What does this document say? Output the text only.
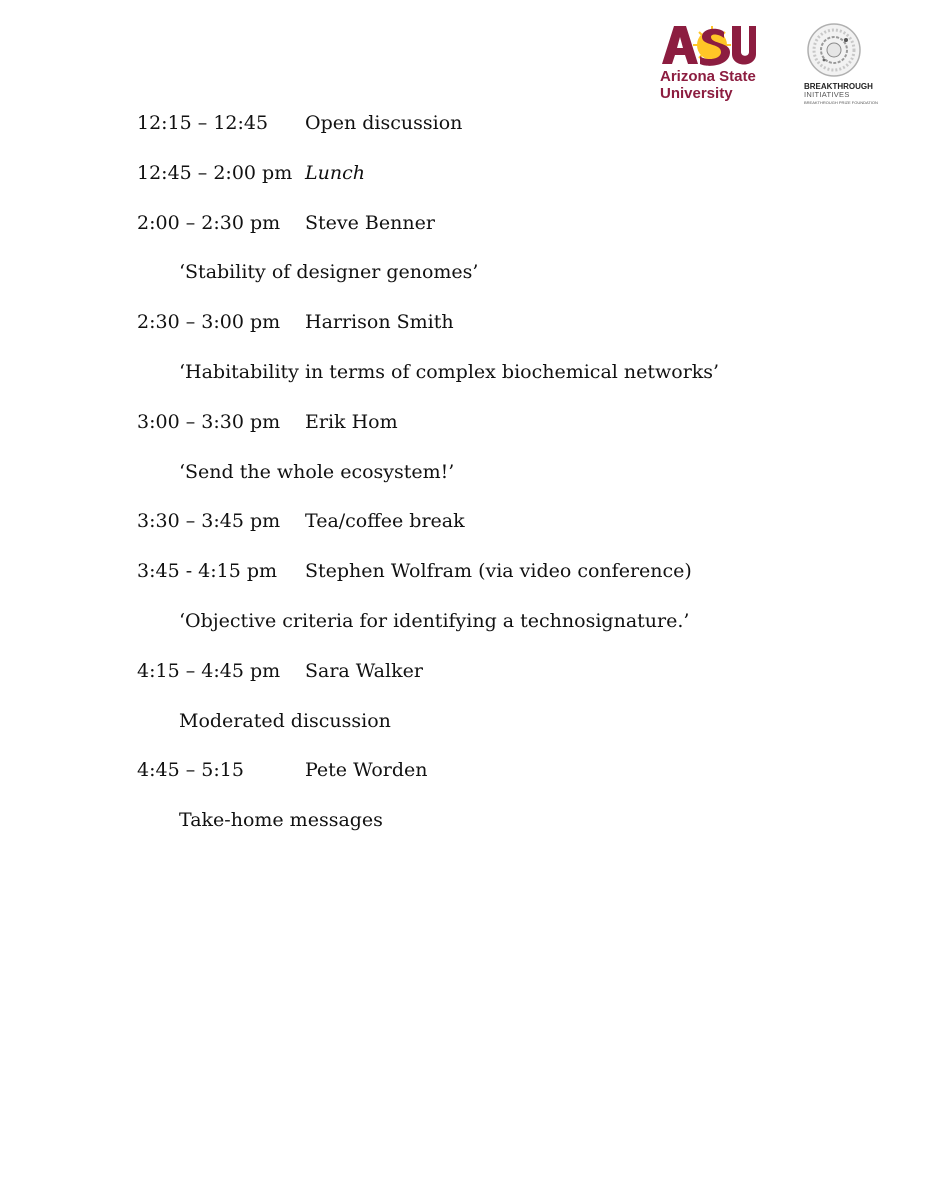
Arizona State
University	BREAKTHROUGH
INITIATIVES
BREAKTHROUGH PRIZE FOUNDATION
12:15 – 12:45 Open discussion
12:45 – 2:00 pm Lunch
2:00 – 2:30 pm Steve Benner
‘Stability of designer genomes’
2:30 – 3:00 pm Harrison Smith
‘Habitability in terms of complex biochemical networks’
3:00 – 3:30 pm Erik Hom
‘Send the whole ecosystem!’
3:30 – 3:45 pm Tea/coffee break
3:45 - 4:15 pm Stephen Wolfram (via video conference)
‘Objective criteria for identifying a technosignature.’
4:15 – 4:45 pm Sara Walker
Moderated discussion
4:45 – 5:15	Pete Worden
Take-home messages
